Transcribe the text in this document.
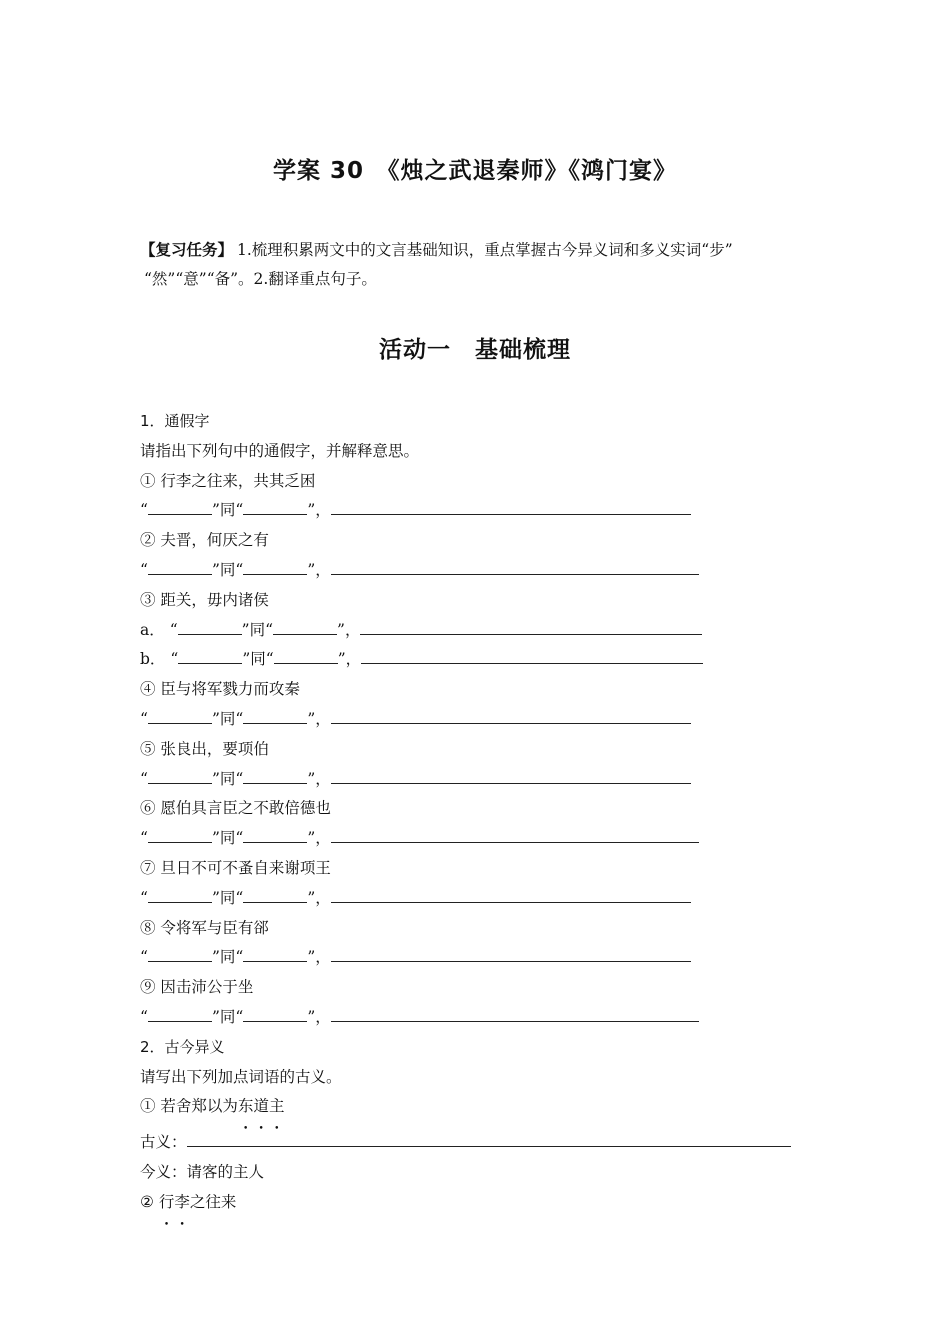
学案 30　《烛之武退秦师》《鸿门宴》
【复习任务】 1.梳理积累两文中的文言基础知识，重点掌握古今异义词和多义实词“步”
“然”“意”“备”。2.翻译重点句子。
活动一　基础梳理
1．通假字
请指出下列句中的通假字，并解释意思。
① 行李之往来，共其乏困
“	”同“	”，
② 夫晋，何厌之有
“	”同“	”，
③ 距关，毋内诸侯
a． “	”同“	”，
b． “	”同“	”，
④ 臣与将军戮力而攻秦
“	”同“	”，
⑤ 张良出，要项伯
“	”同“	”，
⑥ 愿伯具言臣之不敢倍德也
“	”同“	”，
⑦ 旦日不可不蚤自来谢项王
“	”同“	”，
⑧ 令将军与臣有郤
“	”同“	”，
⑨ 因击沛公于坐
“	”同“	”，
2．古今异义
请写出下列加点词语的古义。
① 若舍郑以为东道主
古义：
今义：请客的主人
② 行李之往来
